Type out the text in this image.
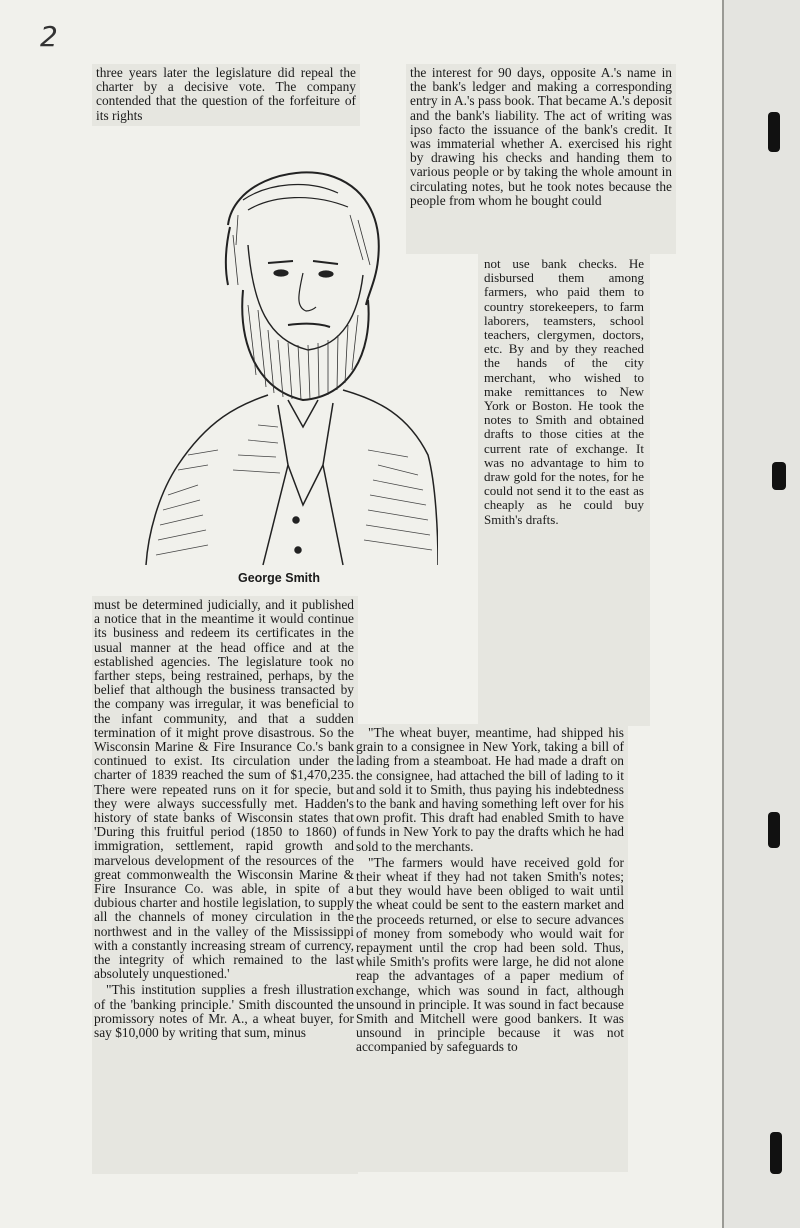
2

three years later the legislature did repeal the charter by a decisive vote. The company contended that the question of the forfeiture of its rights

the interest for 90 days, opposite A.'s name in the bank's ledger and making a corresponding entry in A.'s pass book. That became A.'s deposit and the bank's liability. The act of writing was ipso facto the issuance of the bank's credit. It was immaterial whether A. exercised his right by drawing his checks and handing them to various people or by taking the whole amount in circulating notes, but he took notes because the people from whom he bought could

not use bank checks. He disbursed them among farmers, who paid them to country storekeepers, to farm laborers, teamsters, school teachers, clergymen, doctors, etc. By and by they reached the hands of the city merchant, who wished to make remittances to New York or Boston. He took the notes to Smith and obtained drafts to those cities at the current rate of exchange. It was no advantage to him to draw gold for the notes, for he could not send it to the east as cheaply as he could buy Smith's drafts.

George Smith

must be determined judicially, and it published a notice that in the meantime it would continue its business and redeem its certificates in the usual manner at the head office and at the established agencies. The legislature took no farther steps, being restrained, perhaps, by the belief that although the business transacted by the company was irregular, it was beneficial to the infant community, and that a sudden termination of it might prove disastrous. So the Wisconsin Marine & Fire Insurance Co.'s bank continued to exist. Its circulation under the charter of 1839 reached the sum of $1,470,235. There were repeated runs on it for specie, but they were always successfully met. Hadden's history of state banks of Wisconsin states that 'During this fruitful period (1850 to 1860) of immigration, settlement, rapid growth and marvelous development of the resources of the great commonwealth the Wisconsin Marine & Fire Insurance Co. was able, in spite of a dubious charter and hostile legislation, to supply all the channels of money circulation in the northwest and in the valley of the Mississippi with a constantly increasing stream of currency, the integrity of which remained to the last absolutely unquestioned.'

"This institution supplies a fresh illustration of the 'banking principle.' Smith discounted the promissory notes of Mr. A., a wheat buyer, for say $10,000 by writing that sum, minus

"The wheat buyer, meantime, had shipped his grain to a consignee in New York, taking a bill of lading from a steamboat. He had made a draft on the consignee, had attached the bill of lading to it and sold it to Smith, thus paying his indebtedness to the bank and having something left over for his own profit. This draft had enabled Smith to have funds in New York to pay the drafts which he had sold to the merchants.

"The farmers would have received gold for their wheat if they had not taken Smith's notes; but they would have been obliged to wait until the wheat could be sent to the eastern market and the proceeds returned, or else to secure advances of money from somebody who would wait for repayment until the crop had been sold. Thus, while Smith's profits were large, he did not alone reap the advantages of a paper medium of exchange, which was sound in fact, although unsound in principle. It was sound in fact because Smith and Mitchell were good bankers. It was unsound in principle because it was not accompanied by safeguards to
